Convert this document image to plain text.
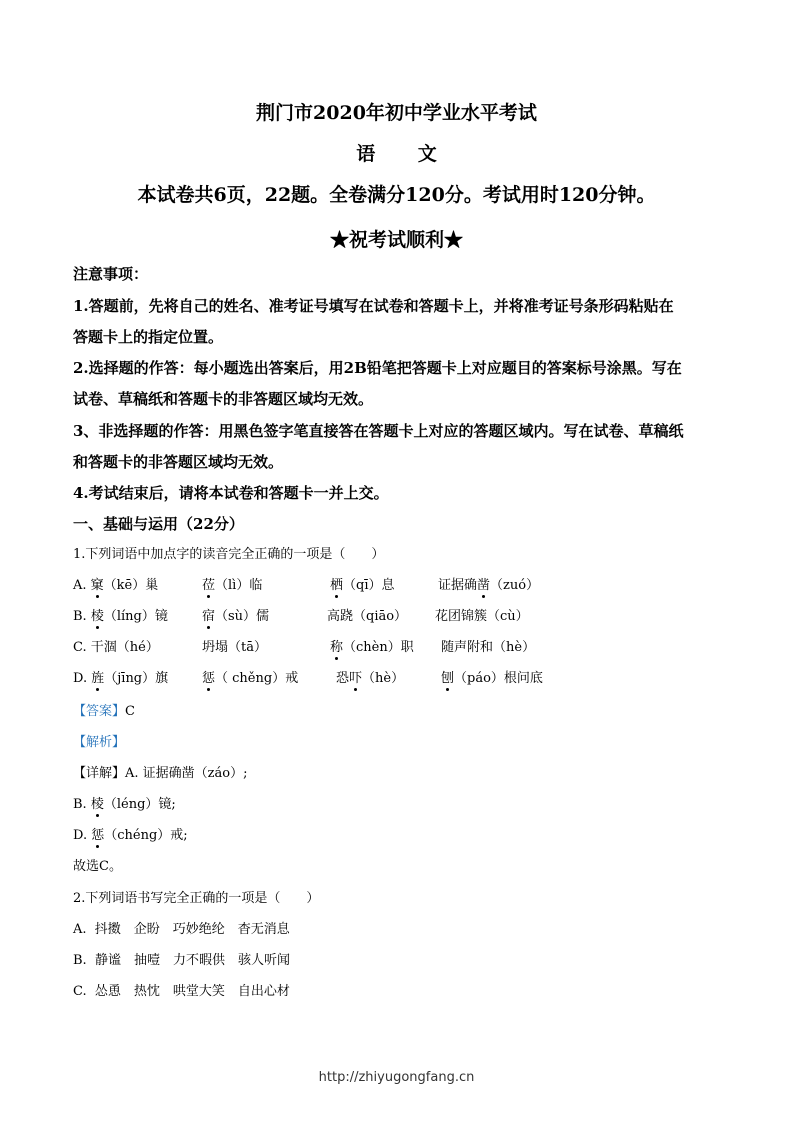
荆门市2020年初中学业水平考试
语 文
本试卷共6页，22题。全卷满分120分。考试用时120分钟。
★祝考试顺利★
注意事项：
1.答题前，先将自己的姓名、准考证号填写在试卷和答题卡上，并将准考证号条形码粘贴在
答题卡上的指定位置。
2.选择题的作答：每小题选出答案后，用2B铅笔把答题卡上对应题目的答案标号涂黑。写在
试卷、草稿纸和答题卡的非答题区域均无效。
3、非选择题的作答：用黑色签字笔直接答在答题卡上对应的答题区域内。写在试卷、草稿纸
和答题卡的非答题区域均无效。
4.考试结束后，请将本试卷和答题卡一并上交。
一、基础与运用（22分）
1.下列词语中加点字的读音完全正确的一项是（　　）
A. 窠（kē）巢	莅（lì）临	栖（qī）息	证据确凿（zuó）
B. 棱（líng）镜	宿（sù）儒	高跷（qiāo） 花团锦簇（cù）
C. 干涸（hé）	坍塌（tā）	称（chèn）职 随声附和（hè）
D. 旌（jīng）旗	惩（ chěng）戒	恐吓（hè）	刨（páo）根问底
【答案】C
【解析】
【详解】A. 证据确凿（záo）;
B. 棱（léng）镜;
D. 惩（chéng）戒;
故选C。
2.下列词语书写完全正确的一项是（　　）
A.  抖擞　企盼　巧妙绝纶　杳无消息
B.  静谧　抽噎　力不暇供　骇人听闻
C.  怂恿　热忱　哄堂大笑　自出心材
http://zhiyugongfang.cn
